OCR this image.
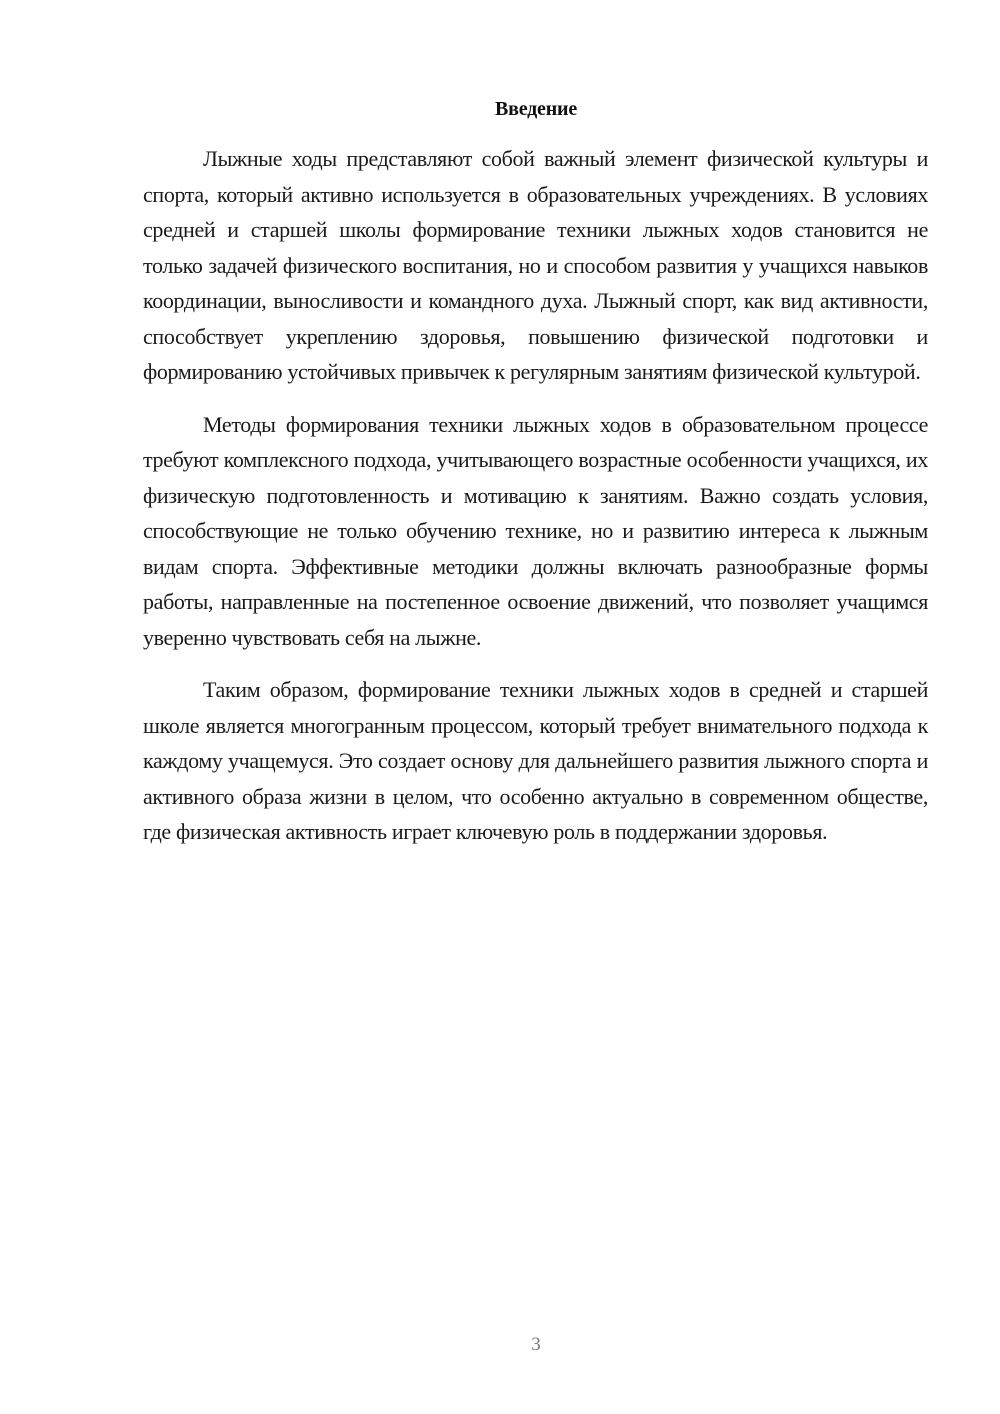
Введение

Лыжные ходы представляют собой важный элемент физической культуры и спорта, который активно используется в образовательных учреждениях. В условиях средней и старшей школы формирование техники лыжных ходов становится не только задачей физического воспитания, но и способом развития у учащихся навыков координации, выносливости и командного духа. Лыжный спорт, как вид активности, способствует укреплению здоровья, повышению физической подготовки и формированию устойчивых привычек к регулярным занятиям физической культурой.

Методы формирования техники лыжных ходов в образовательном процессе требуют комплексного подхода, учитывающего возрастные особенности учащихся, их физическую подготовленность и мотивацию к занятиям. Важно создать условия, способствующие не только обучению технике, но и развитию интереса к лыжным видам спорта. Эффективные методики должны включать разнообразные формы работы, направленные на постепенное освоение движений, что позволяет учащимся уверенно чувствовать себя на лыжне.

Таким образом, формирование техники лыжных ходов в средней и старшей школе является многогранным процессом, который требует внимательного подхода к каждому учащемуся. Это создает основу для дальнейшего развития лыжного спорта и активного образа жизни в целом, что особенно актуально в современном обществе, где физическая активность играет ключевую роль в поддержании здоровья.

3
